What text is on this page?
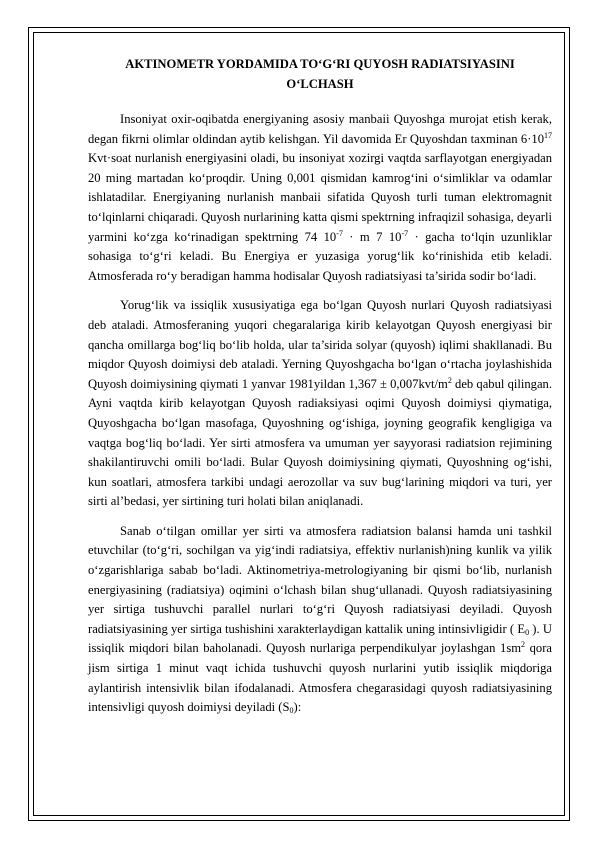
AKTINOMETR YORDAMIDA TO‘G‘RI QUYOSH RADIATSIYASINI O‘LCHASH

Insoniyat oxir-oqibatda energiyaning asosiy manbaii Quyoshga murojat etish kerak, degan fikrni olimlar oldindan aytib kelishgan. Yil davomida Er Quyoshdan taxminan $6\cdot 10^{17}$ Kvt·soat nurlanish energiyasini oladi, bu insoniyat xozirgi vaqtda sarflayotgan energiyadan 20 ming martadan ko‘proqdir. Uning 0,001 qismidan kamrog‘ini o‘simliklar va odamlar ishlatadilar. Energiyaning nurlanish manbaii sifatida Quyosh turli tuman elektromagnit to‘lqinlarni chiqaradi. Quyosh nurlarining katta qismi spektrning infraqizil sohasiga, deyarli yarmini ko‘zga ko‘rinadigan spektrning 74 $10^{-7} \cdot m$ 7 $10^{-7}$ · gacha to‘lqin uzunliklar sohasiga to‘g‘ri keladi. Bu Energiya er yuzasiga yorug‘lik ko‘rinishida etib keladi. Atmosferada ro‘y beradigan hamma hodisalar Quyosh radiatsiyasi ta’sirida sodir bo‘ladi.

Yorug‘lik va issiqlik xususiyatiga ega bo‘lgan Quyosh nurlari Quyosh radiatsiyasi deb ataladi. Atmosferaning yuqori chegaralariga kirib kelayotgan Quyosh energiyasi bir qancha omillarga bog‘liq bo‘lib holda, ular ta’sirida solyar (quyosh) iqlimi shakllanadi. Bu miqdor Quyosh doimiysi deb ataladi. Yerning Quyoshgacha bo‘lgan o‘rtacha joylashishida Quyosh doimiysining qiymati 1 yanvar 1981yildan $1,367 \pm 0,007kvt/m^2$ deb qabul qilingan. Ayni vaqtda kirib kelayotgan Quyosh radiaksiyasi oqimi Quyosh doimiysi qiymatiga, Quyoshgacha bo‘lgan masofaga, Quyoshning og‘ishiga, joyning geografik kengligiga va vaqtga bog‘liq bo‘ladi. Yer sirti atmosfera va umuman yer sayyorasi radiatsion rejimining shakilantiruvchi omili bo‘ladi. Bular Quyosh doimiysining qiymati, Quyoshning og‘ishi, kun soatlari, atmosfera tarkibi undagi aerozollar va suv bug‘larining miqdori va turi, yer sirti al’bedasi, yer sirtining turi holati bilan aniqlanadi.

Sanab o‘tilgan omillar yer sirti va atmosfera radiatsion balansi hamda uni tashkil etuvchilar (to‘g‘ri, sochilgan va yig‘indi radiatsiya, effektiv nurlanish)ning kunlik va yilik o‘zgarishlariga sabab bo‘ladi. Aktinometriya-metrologiyaning bir qismi bo‘lib, nurlanish energiyasining (radiatsiya) oqimini o‘lchash bilan shug‘ullanadi. Quyosh radiatsiyasining yer sirtiga tushuvchi parallel nurlari to‘g‘ri Quyosh radiatsiyasi deyiladi. Quyosh radiatsiyasining yer sirtiga tushishini xarakterlaydigan kattalik uning intinsivligidir ( $E_0$ ). U issiqlik miqdori bilan baholanadi. Quyosh nurlariga perpendikulyar joylashgan $1sm^2$ qora jism sirtiga 1 minut vaqt ichida tushuvchi quyosh nurlarini yutib issiqlik miqdoriga aylantirish intensivlik bilan ifodalanadi. Atmosfera chegarasidagi quyosh radiatsiyasining intensivligi quyosh doimiysi deyiladi $(S_0)$:
